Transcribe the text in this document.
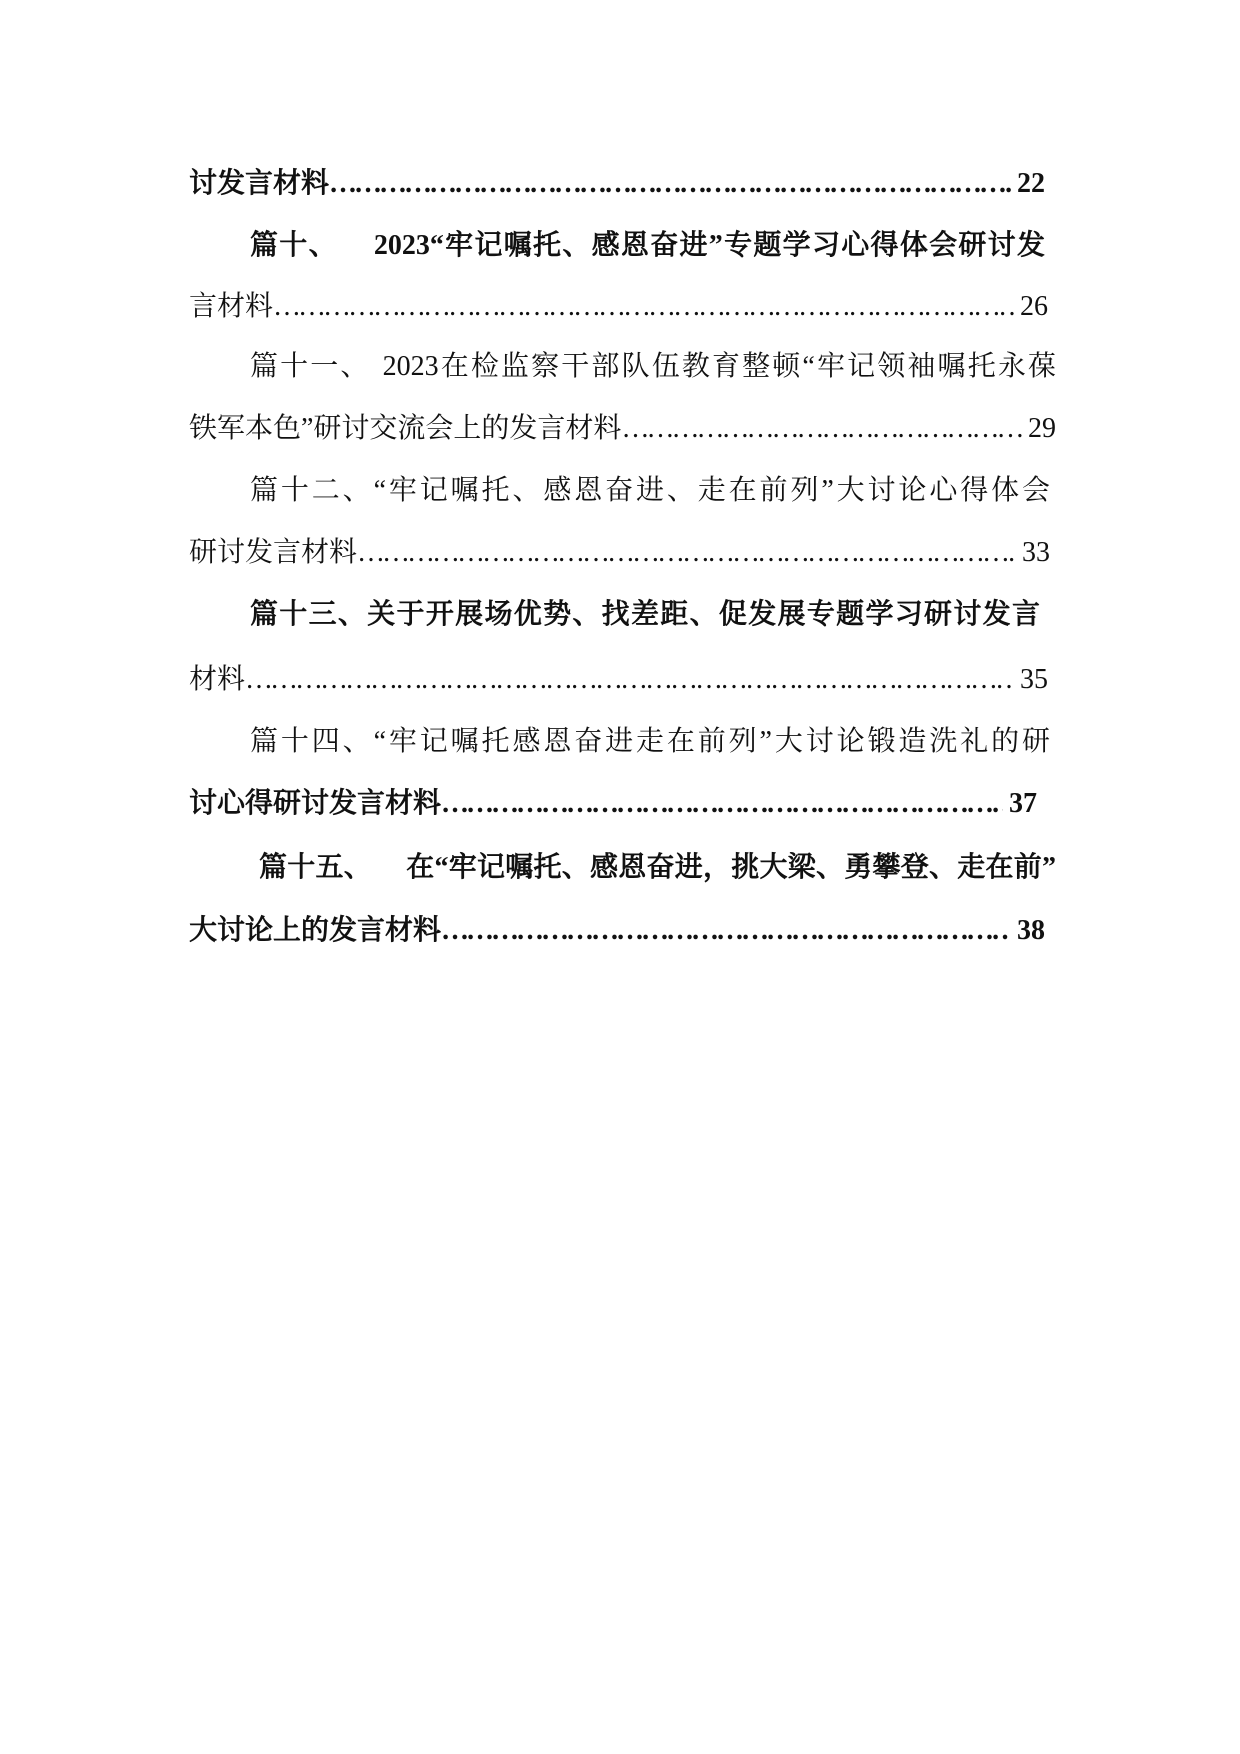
讨发言材料 ………………………………………………………………………………………………………………………………………………………………………………………………………………	22
篇十、 2023“牢记嘱托、感恩奋进”专题学习心得体会研讨发
言材料 ………………………………………………………………………………………………………………………………………………………………………………………………………………	26
篇十一、 2023在检监察干部队伍教育整顿“牢记领袖嘱托永葆
铁军本色”研讨交流会上的发言材料 ………………………………………………………………………………………………………………………………………………………………………………………………………………	29
篇十二、“牢记嘱托、感恩奋进、走在前列”大讨论心得体会
研讨发言材料 ………………………………………………………………………………………………………………………………………………………………………………………………………………	33
篇十三、关于开展场优势、找差距、促发展专题学习研讨发言
材料 ………………………………………………………………………………………………………………………………………………………………………………………………………………	35
篇十四、“牢记嘱托感恩奋进走在前列”大讨论锻造洗礼的研
讨心得研讨发言材料 ………………………………………………………………………………………………………………………………………………………………………………………………………………	37
篇十五、 在“牢记嘱托、感恩奋进，挑大梁、勇攀登、走在前”
大讨论上的发言材料 ………………………………………………………………………………………………………………………………………………………………………………………………………………	38
